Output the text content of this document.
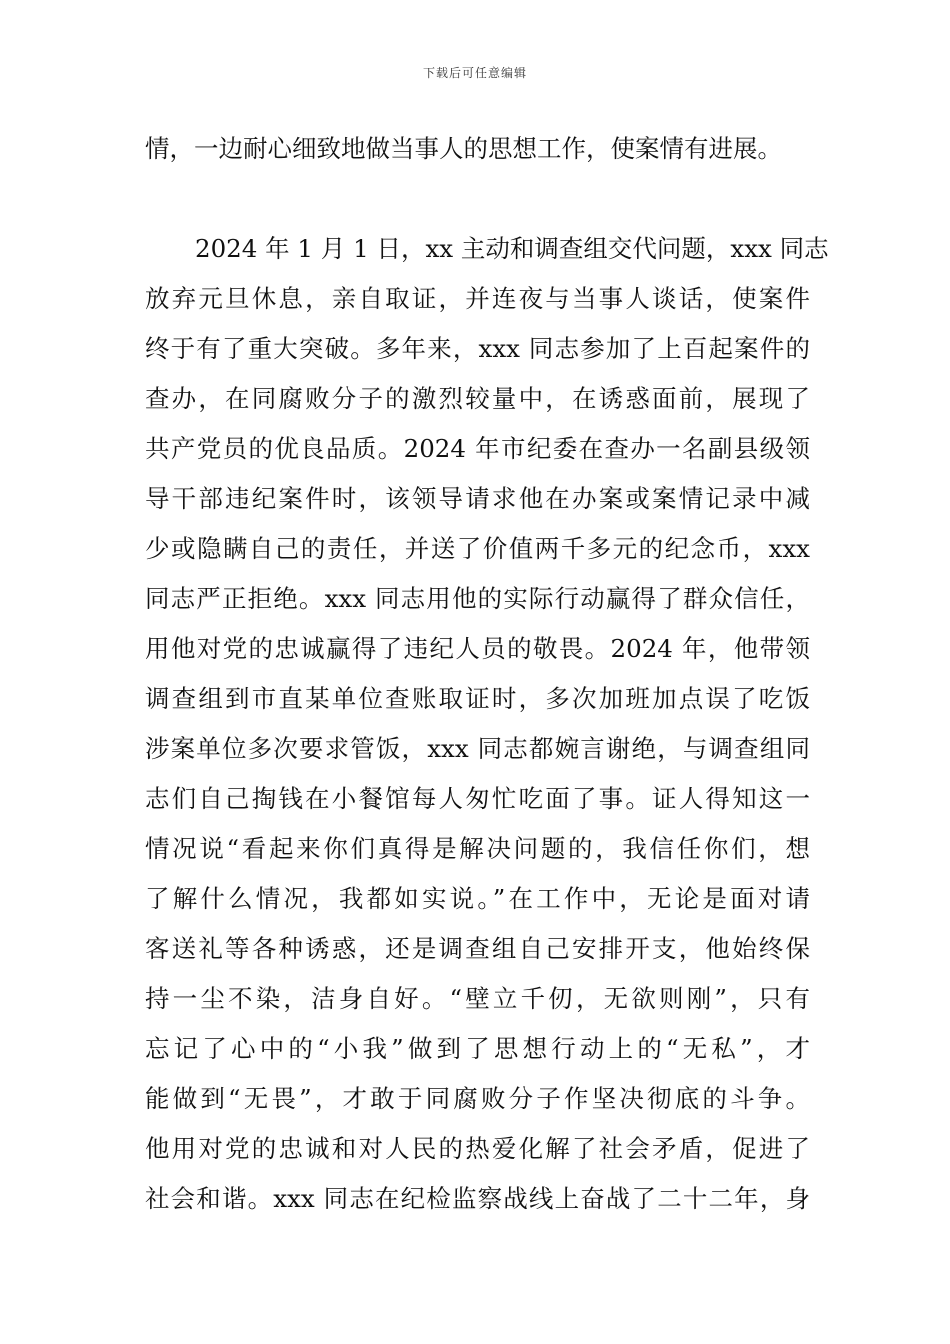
下载后可任意编辑
情，一边耐心细致地做当事人的思想工作，使案情有进展。
2024 年 1 月 1 日，xx 主动和调查组交代问题，xxx 同志
放弃元旦休息，亲自取证，并连夜与当事人谈话，使案件
终于有了重大突破。多年来，xxx 同志参加了上百起案件的
查办，在同腐败分子的激烈较量中，在诱惑面前，展现了
共产党员的优良品质。2024 年市纪委在查办一名副县级领
导干部违纪案件时，该领导请求他在办案或案情记录中减
少或隐瞒自己的责任，并送了价值两千多元的纪念币，xxx
同志严正拒绝。xxx 同志用他的实际行动赢得了群众信任，
用他对党的忠诚赢得了违纪人员的敬畏。2024 年，他带领
调查组到市直某单位查账取证时，多次加班加点误了吃饭
涉案单位多次要求管饭，xxx 同志都婉言谢绝，与调查组同
志们自己掏钱在小餐馆每人匆忙吃面了事。证人得知这一
情况说“看起来你们真得是解决问题的，我信任你们，想
了解什么情况，我都如实说。”在工作中，无论是面对请
客送礼等各种诱惑，还是调查组自己安排开支，他始终保
持一尘不染，洁身自好。“壁立千仞，无欲则刚”，只有
忘记了心中的“小我”做到了思想行动上的“无私”，才
能做到“无畏”，才敢于同腐败分子作坚决彻底的斗争。
他用对党的忠诚和对人民的热爱化解了社会矛盾，促进了
社会和谐。xxx 同志在纪检监察战线上奋战了二十二年，身
